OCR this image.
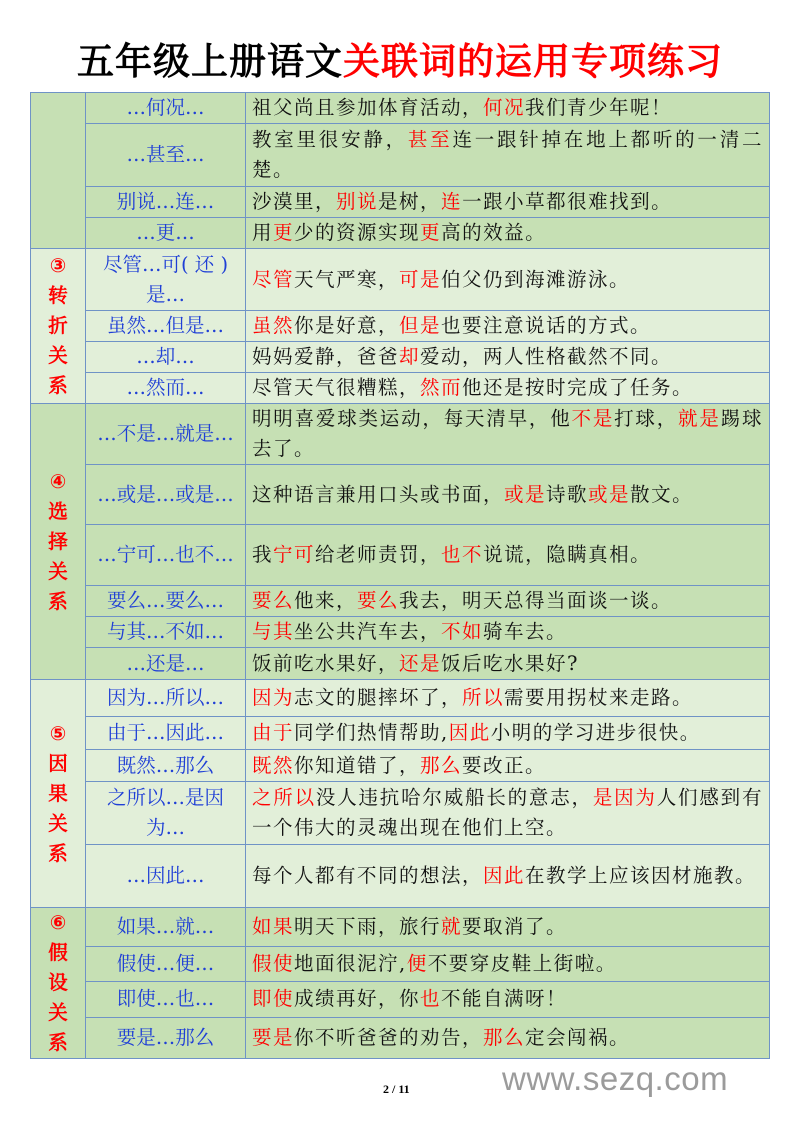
五年级上册语文关联词的运用专项练习
	…何况…	祖父尚且参加体育活动，何况我们青少年呢！
	…甚至…	教室里很安静，甚至连一跟针掉在地上都听的一清二楚。
	别说…连…	沙漠里，别说是树，连一跟小草都很难找到。
	…更…	用更少的资源实现更高的效益。

③
转
折
关
系	尽管…可( 还 ) 是…	尽管天气严寒，可是伯父仍到海滩游泳。
	虽然…但是…	虽然你是好意，但是也要注意说话的方式。
	…却…	妈妈爱静，爸爸却爱动，两人性格截然不同。
	…然而…	尽管天气很糟糕，然而他还是按时完成了任务。

④
选
择
关
系	…不是…就是…	明明喜爱球类运动，每天清早，他不是打球，就是踢球去了。
	…或是…或是…	这种语言兼用口头或书面，或是诗歌或是散文。
	…宁可…也不…	我宁可给老师责罚，也不说谎，隐瞒真相。
	要么…要么…	要么他来，要么我去，明天总得当面谈一谈。
	与其…不如…	与其坐公共汽车去，不如骑车去。
	…还是…	饭前吃水果好，还是饭后吃水果好?

⑤
因
果
关
系	因为…所以…	因为志文的腿摔坏了，所以需要用拐杖来走路。
	由于…因此…	由于同学们热情帮助,因此小明的学习进步很快。
	既然…那么	既然你知道错了，那么要改正。
	之所以…是因为…	之所以没人违抗哈尔威船长的意志，是因为人们感到有一个伟大的灵魂出现在他们上空。
	…因此…	每个人都有不同的想法，因此在教学上应该因材施教。

⑥
假
设
关
系	如果…就…	如果明天下雨，旅行就要取消了。
	假使…便…	假使地面很泥泞,便不要穿皮鞋上街啦。
	即使…也…	即使成绩再好，你也不能自满呀！
	要是…那么	要是你不听爸爸的劝告，那么定会闯祸。
2 / 11	www.sezq.com
